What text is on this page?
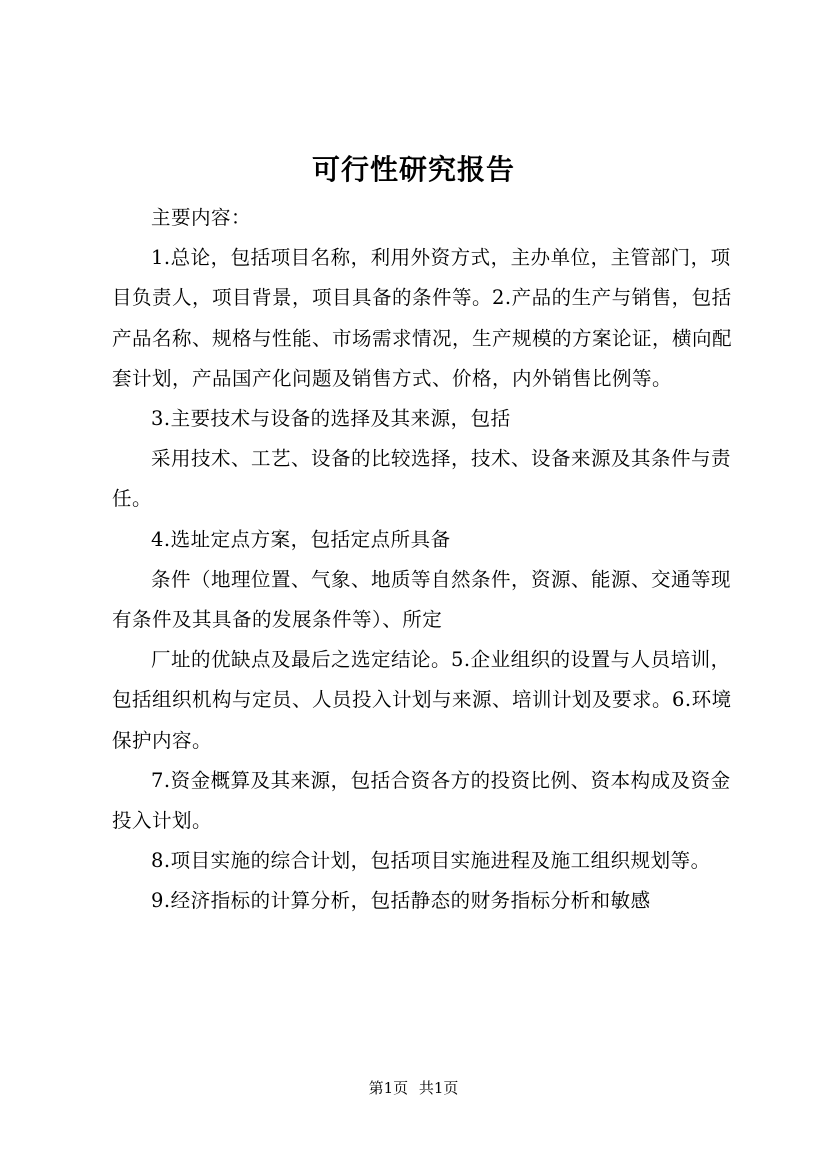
可行性研究报告

主要内容：

1.总论，包括项目名称，利用外资方式，主办单位，主管部门，项目负责人，项目背景，项目具备的条件等。2.产品的生产与销售，包括产品名称、规格与性能、市场需求情况，生产规模的方案论证，横向配套计划，产品国产化问题及销售方式、价格，内外销售比例等。

3.主要技术与设备的选择及其来源，包括

采用技术、工艺、设备的比较选择，技术、设备来源及其条件与责任。

4.选址定点方案，包括定点所具备

条件（地理位置、气象、地质等自然条件，资源、能源、交通等现有条件及其具备的发展条件等）、所定

厂址的优缺点及最后之选定结论。5.企业组织的设置与人员培训，包括组织机构与定员、人员投入计划与来源、培训计划及要求。6.环境保护内容。

7.资金概算及其来源，包括合资各方的投资比例、资本构成及资金投入计划。

8.项目实施的综合计划，包括项目实施进程及施工组织规划等。

9.经济指标的计算分析，包括静态的财务指标分析和敏感

第1页 共1页
